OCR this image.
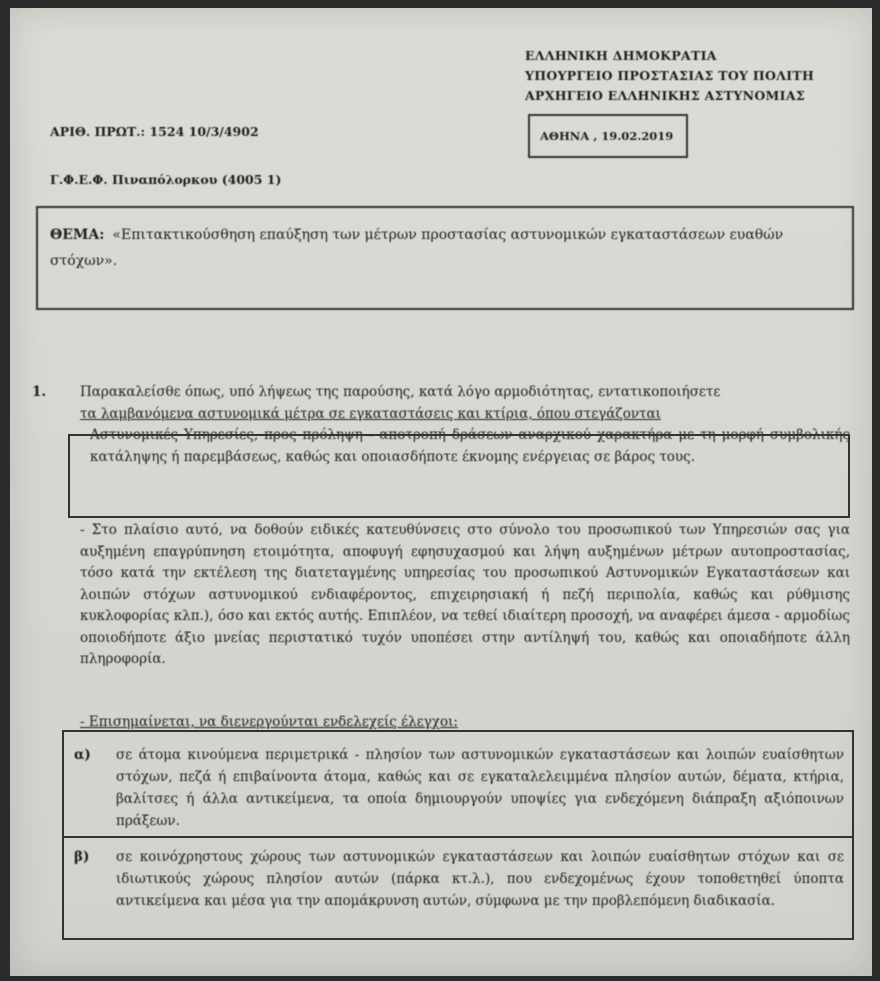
ΕΛΛΗΝΙΚΗ ΔΗΜΟΚΡΑΤΙΑ
ΥΠΟΥΡΓΕΙΟ ΠΡΟΣΤΑΣΙΑΣ ΤΟΥ ΠΟΛΙΤΗ
ΑΡΧΗΓΕΙΟ ΕΛΛΗΝΙΚΗΣ ΑΣΤΥΝΟΜΙΑΣ
ΑΡΙΘ. ΠΡΩΤ.: 1524 10/3/4902	ΑΘΗΝΑ , 19.02.2019
Γ.Φ.Ε.Φ. Πιναπόλορκου (4005 1)
ΘΕΜΑ: «Επιτακτικούσθηση επαύξηση των μέτρων προστασίας αστυνομικών εγκαταστάσεων ευαθών στόχων».
1.	Παρακαλείσθε όπως, υπό λήψεως της παρούσης, κατά λόγο αρμοδιότητας, εντατικοποιήσετε
τα λαμβανόμενα αστυνομικά μέτρα σε εγκαταστάσεις και κτίρια, όπου στεγάζονται
Αστυνομικές Υπηρεσίες, προς πρόληψη - αποτροπή δράσεων αναρχικού χαρακτήρα με τη μορφή συμβολικής κατάληψης ή παρεμβάσεως, καθώς και οποιασδήποτε έκνομης ενέργειας σε βάρος τους.
- Στο πλαίσιο αυτό, να δοθούν ειδικές κατευθύνσεις στο σύνολο του προσωπικού των Υπηρεσιών σας για αυξημένη επαγρύπνηση ετοιμότητα, αποφυγή εφησυχασμού και λήψη αυξημένων μέτρων αυτοπροστασίας, τόσο κατά την εκτέλεση της διατεταγμένης υπηρεσίας του προσωπικού Αστυνομικών Εγκαταστάσεων και λοιπών στόχων αστυνομικού ενδιαφέροντος, επιχειρησιακή ή πεζή περιπολία, καθώς και ρύθμισης κυκλοφορίας κλπ.), όσο και εκτός αυτής. Επιπλέον, να τεθεί ιδιαίτερη προσοχή, να αναφέρει άμεσα - αρμοδίως οποιοδήποτε άξιο μνείας περιστατικό τυχόν υποπέσει στην αντίληψή του, καθώς και οποιαδήποτε άλλη πληροφορία.
- Επισημαίνεται, να διενεργούνται ενδελεχείς έλεγχοι:
α) σε άτομα κινούμενα περιμετρικά - πλησίον των αστυνομικών εγκαταστάσεων και λοιπών ευαίσθητων στόχων, πεζά ή επιβαίνοντα άτομα, καθώς και σε εγκαταλελειμμένα πλησίον αυτών, δέματα, κτήρια, βαλίτσες ή άλλα αντικείμενα, τα οποία δημιουργούν υποψίες για ενδεχόμενη διάπραξη αξιόποινων πράξεων.
β) σε κοινόχρηστους χώρους των αστυνομικών εγκαταστάσεων και λοιπών ευαίσθητων στόχων και σε ιδιωτικούς χώρους πλησίον αυτών (πάρκα κτ.λ.), που ενδεχομένως έχουν τοποθετηθεί ύποπτα αντικείμενα και μέσα για την απομάκρυνση αυτών, σύμφωνα με την προβλεπόμενη διαδικασία.
